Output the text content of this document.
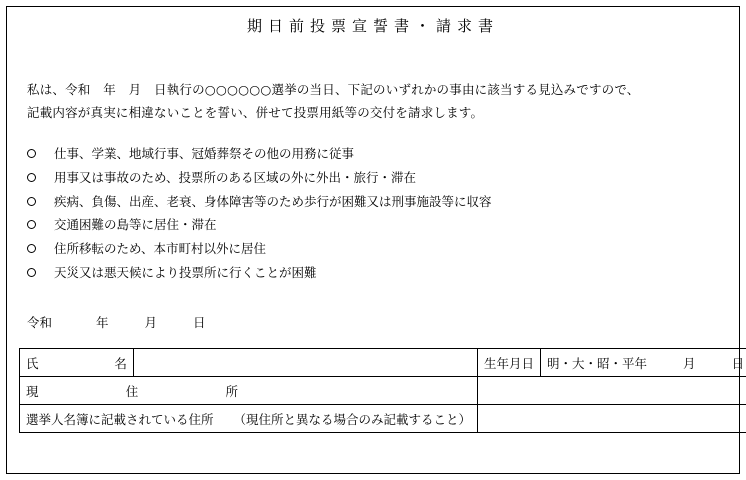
期日前投票宣誓書・請求書
私は、令和　年　月　日執行の○○○○○○選挙の当日、下記のいずれかの事由に該当する見込みですので、
記載内容が真実に相違ないことを誓い、併せて投票用紙等の交付を請求します。
仕事、学業、地域行事、冠婚葬祭その他の用務に従事
用事又は事故のため、投票所のある区域の外に外出・旅行・滞在
疾病、負傷、出産、老衰、身体障害等のため歩行が困難又は刑事施設等に収容
交通困難の島等に居住・滞在
住所移転のため、本市町村以外に居住
天災又は悪天候により投票所に行くことが困難
令和	年	月	日
氏 名		生年月日	明・大・昭・平 年 月 日

現 住 所			

選挙人名簿に記載されている住所 （現住所と異なる場合のみ記載すること）			
